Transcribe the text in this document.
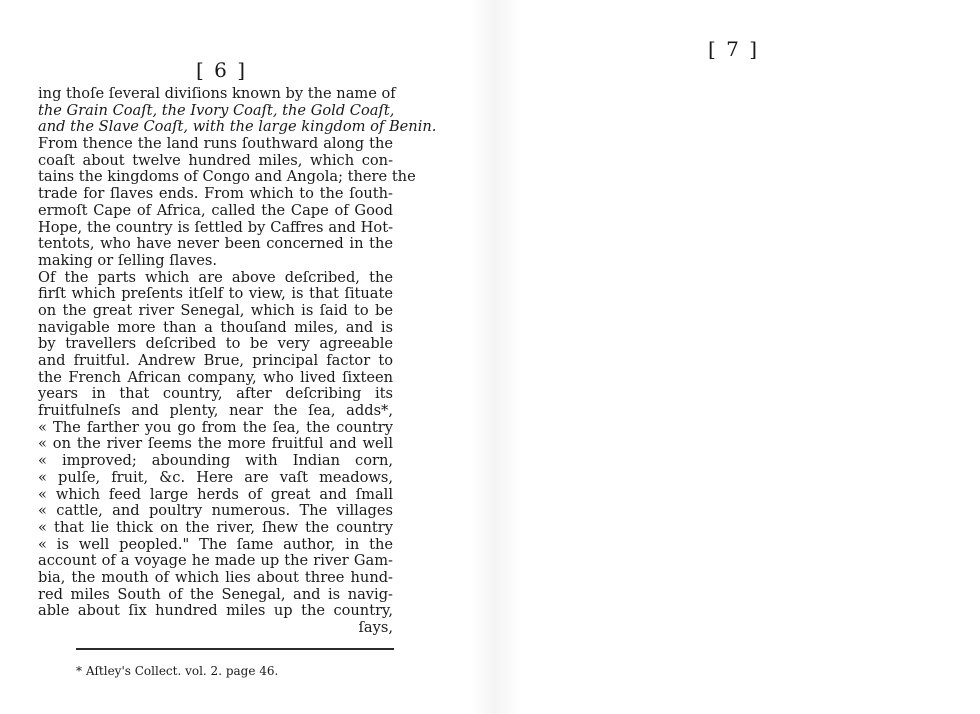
[ 6 ]
ing thoſe ſeveral diviſions known by the name of
the Grain Coaſt, the Ivory Coaſt, the Gold Coaſt,
and the Slave Coaſt, with the large kingdom of Benin.
From thence the land runs ſouthward along the
coaſt about twelve hundred miles, which con-
tains the kingdoms of Congo and Angola; there the
trade for ſlaves ends. From which to the ſouth-
ermoſt Cape of Africa, called the Cape of Good
Hope, the country is ſettled by Caffres and Hot-
tentots, who have never been concerned in the
making or ſelling ſlaves.
Of the parts which are above deſcribed, the
firſt which preſents itſelf to view, is that ſituate
on the great river Senegal, which is ſaid to be
navigable more than a thouſand miles, and is
by travellers deſcribed to be very agreeable
and fruitful. Andrew Brue, principal factor to
the French African company, who lived ſixteen
years in that country, after deſcribing its
fruitfulneſs and plenty, near the ſea, adds*,
« The farther you go from the ſea, the country
« on the river ſeems the more fruitful and well
« improved; abounding with Indian corn,
« pulſe, fruit, &c. Here are vaſt meadows,
« which feed large herds of great and ſmall
« cattle, and poultry numerous. The villages
« that lie thick on the river, ſhew the country
« is well peopled." The ſame author, in the
account of a voyage he made up the river Gam-
bia, the mouth of which lies about three hund-
red miles South of the Senegal, and is navig-
able about ſix hundred miles up the country,
ſays,
* Aſtley's Collect. vol. 2. page 46.
[ 7 ]
